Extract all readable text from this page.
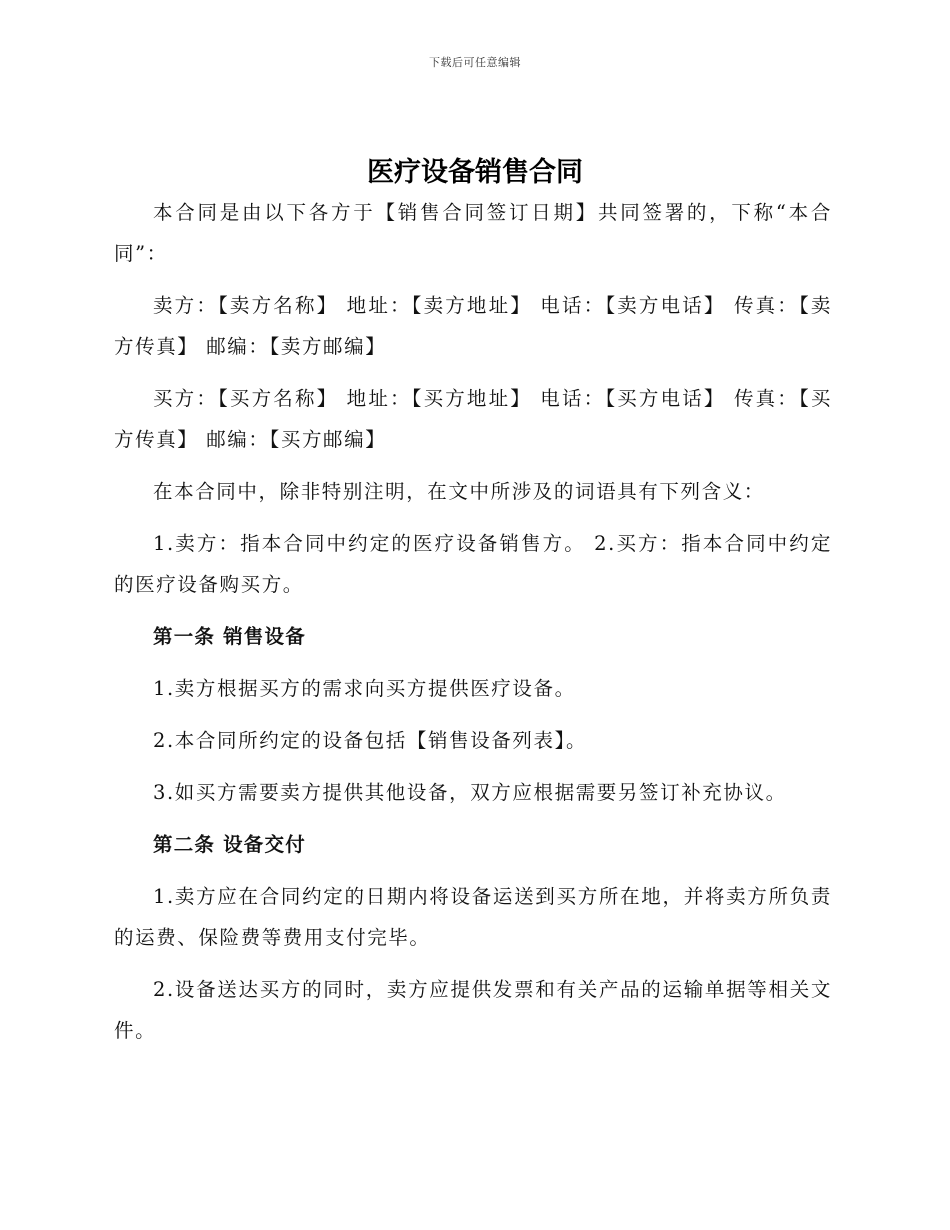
下载后可任意编辑
医疗设备销售合同

本合同是由以下各方于【销售合同签订日期】共同签署的，下称“本合同”：

卖方：【卖方名称】 地址：【卖方地址】 电话：【卖方电话】 传真：【卖方传真】 邮编：【卖方邮编】

买方：【买方名称】 地址：【买方地址】 电话：【买方电话】 传真：【买方传真】 邮编：【买方邮编】

在本合同中，除非特别注明，在文中所涉及的词语具有下列含义：

1.卖方：指本合同中约定的医疗设备销售方。 2.买方：指本合同中约定的医疗设备购买方。

第一条 销售设备

1.卖方根据买方的需求向买方提供医疗设备。

2.本合同所约定的设备包括【销售设备列表】。

3.如买方需要卖方提供其他设备，双方应根据需要另签订补充协议。

第二条 设备交付

1.卖方应在合同约定的日期内将设备运送到买方所在地，并将卖方所负责的运费、保险费等费用支付完毕。

2.设备送达买方的同时，卖方应提供发票和有关产品的运输单据等相关文件。
